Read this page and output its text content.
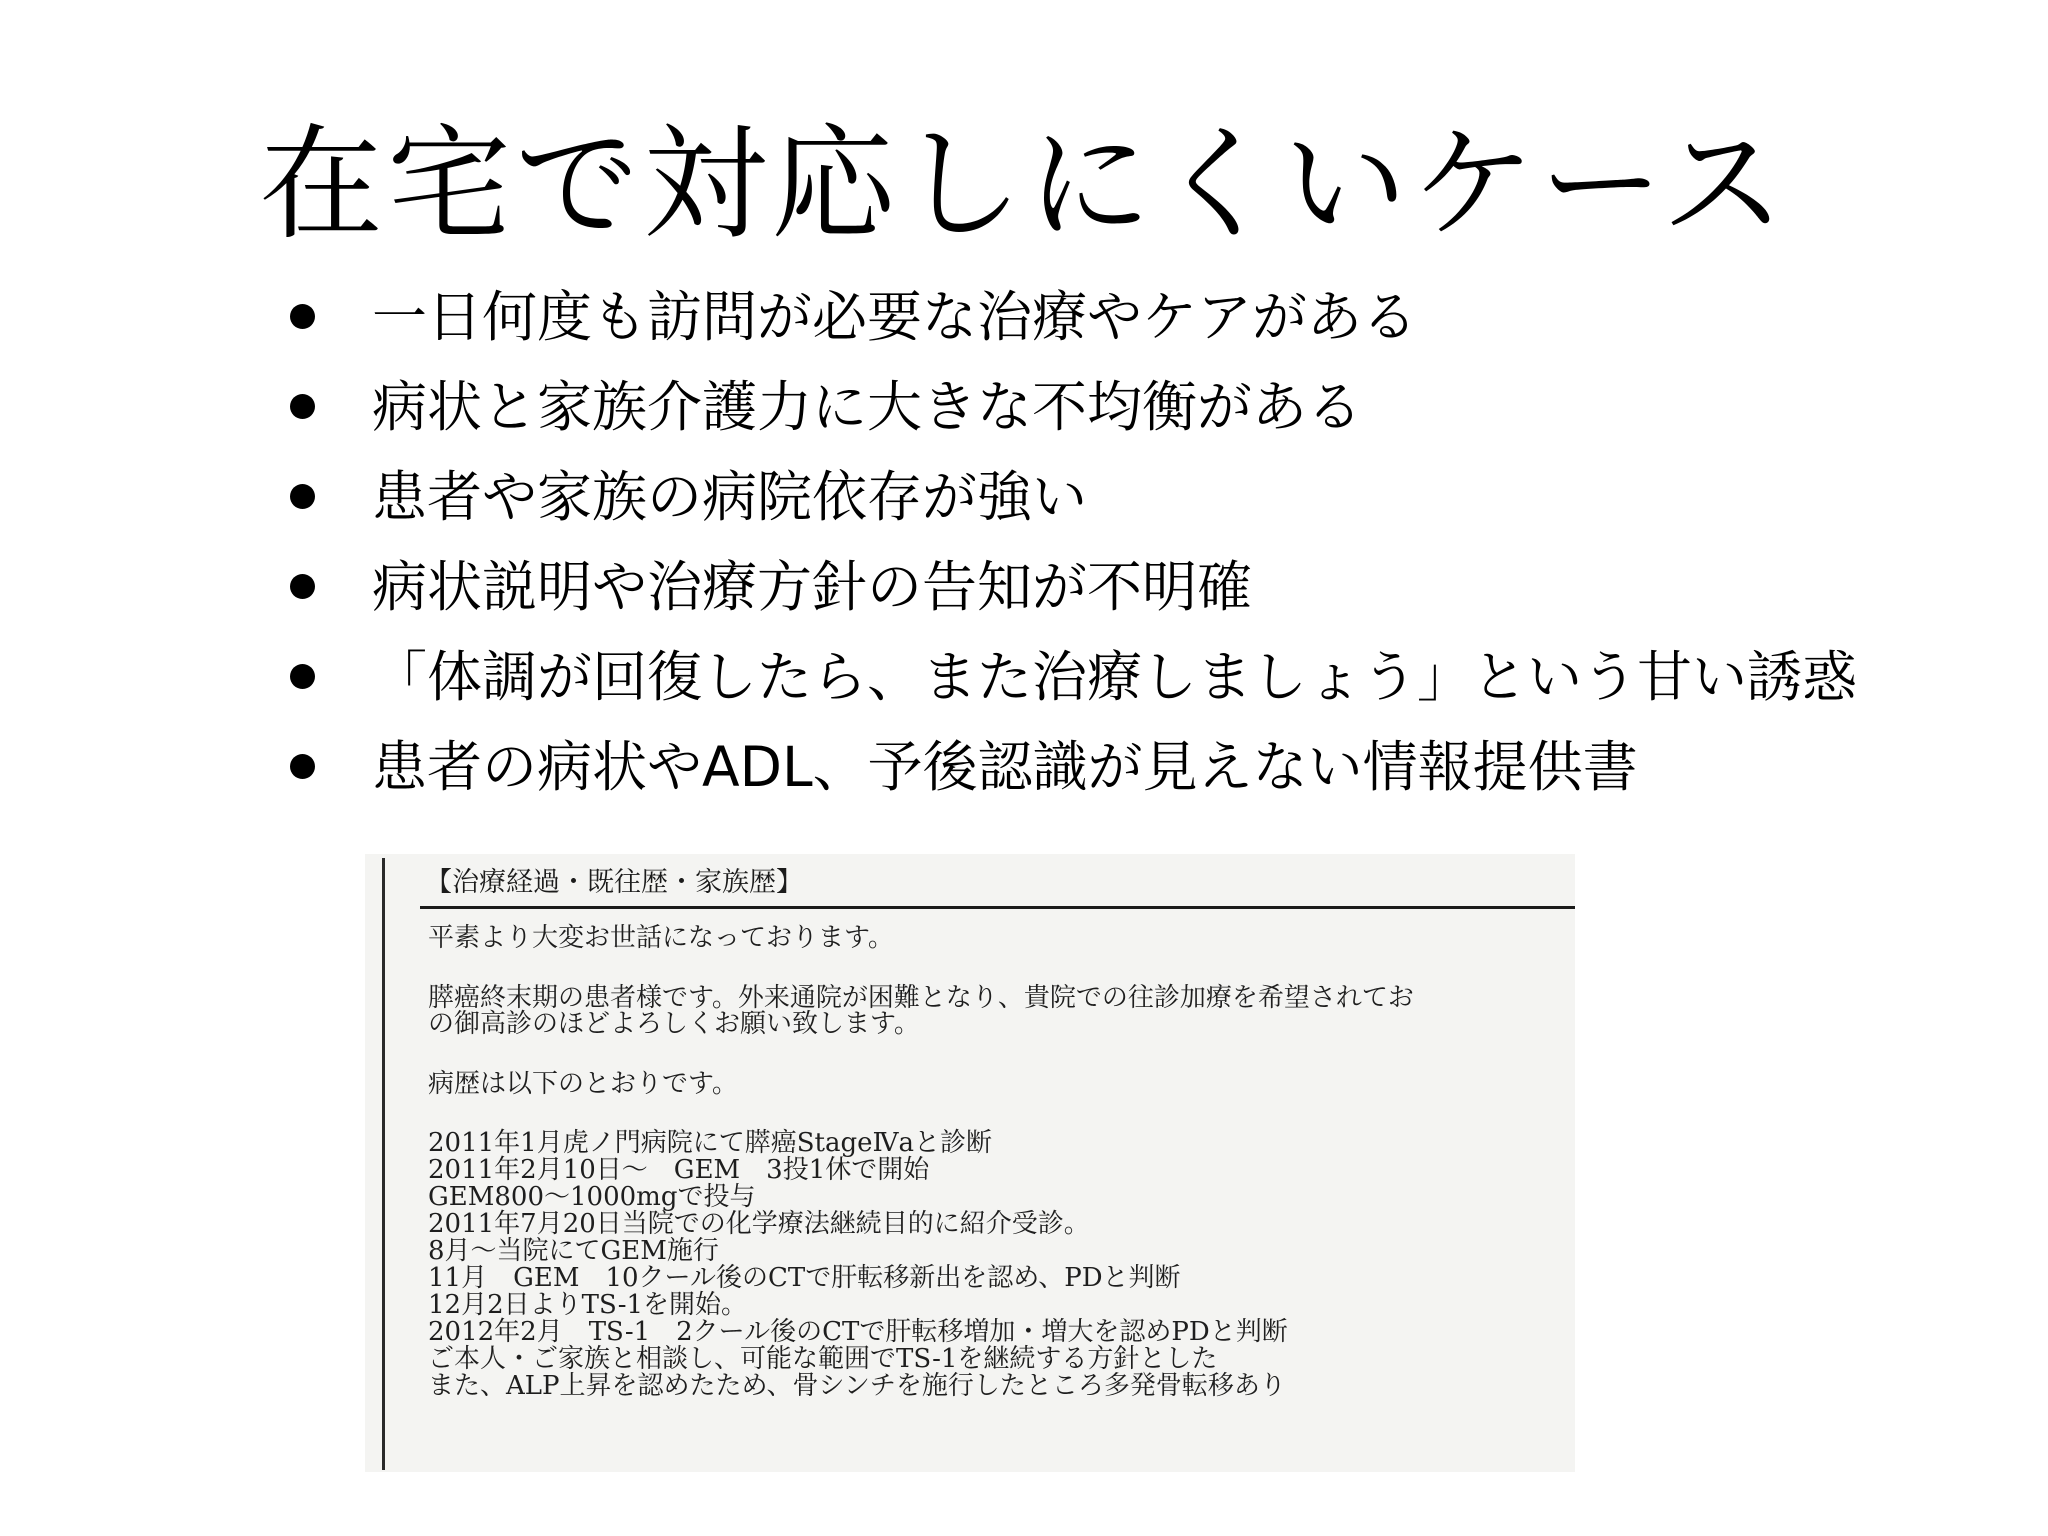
在宅で対応しにくいケース
一日何度も訪問が必要な治療やケアがある
病状と家族介護力に大きな不均衡がある
患者や家族の病院依存が強い
病状説明や治療方針の告知が不明確
「体調が回復したら、また治療しましょう」という甘い誘惑
患者の病状やADL、予後認識が見えない情報提供書
【治療経過・既往歴・家族歴】
平素より大変お世話になっております。
膵癌終末期の患者様です。外来通院が困難となり、貴院での往診加療を希望されてお
の御高診のほどよろしくお願い致します。
病歴は以下のとおりです。
2011年1月虎ノ門病院にて膵癌StageⅣaと診断
2011年2月10日～　GEM　3投1休で開始
GEM800～1000mgで投与
2011年7月20日当院での化学療法継続目的に紹介受診。
8月～当院にてGEM施行
11月　GEM　10クール後のCTで肝転移新出を認め、PDと判断
12月2日よりTS-1を開始。
2012年2月　TS-1　2クール後のCTで肝転移増加・増大を認めPDと判断
ご本人・ご家族と相談し、可能な範囲でTS-1を継続する方針とした
また、ALP上昇を認めたため、骨シンチを施行したところ多発骨転移あり
